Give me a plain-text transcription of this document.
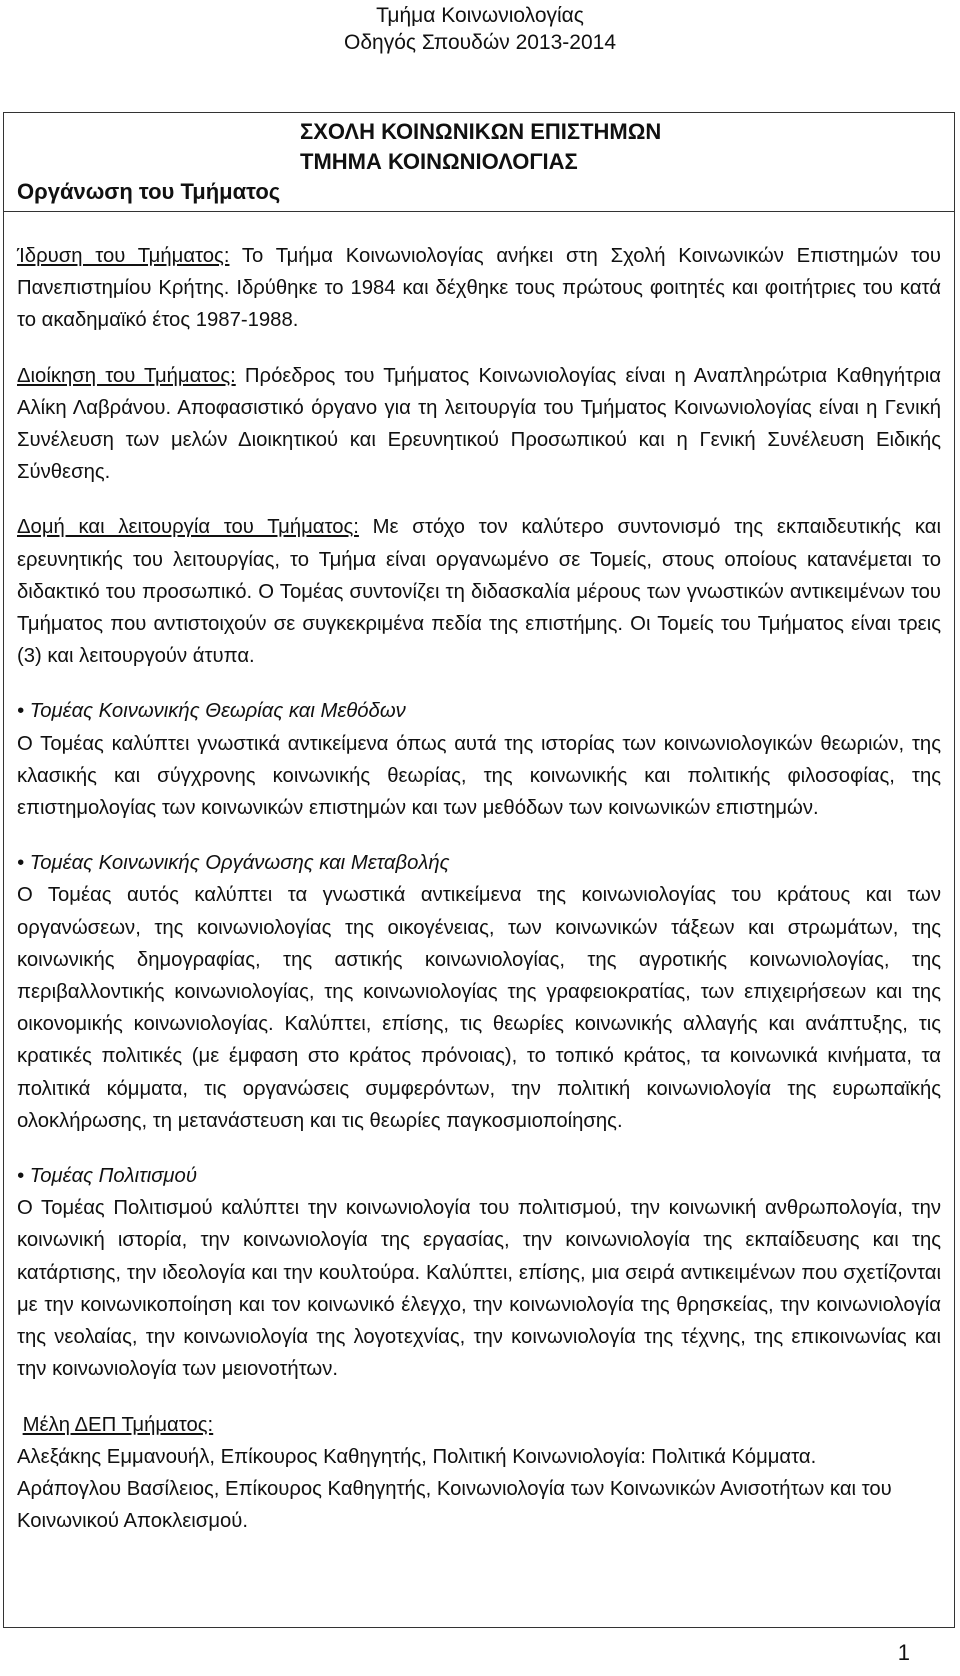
Τμήμα Κοινωνιολογίας
Οδηγός Σπουδών 2013-2014
ΣΧΟΛΗ ΚΟΙΝΩΝΙΚΩΝ ΕΠΙΣΤΗΜΩΝ
ΤΜΗΜΑ ΚΟΙΝΩΝΙΟΛΟΓΙΑΣ
Οργάνωση του Τμήματος

Ίδρυση του Τμήματος: Το Τμήμα Κοινωνιολογίας ανήκει στη Σχολή Κοινωνικών Επιστημών του Πανεπιστημίου Κρήτης. Ιδρύθηκε το 1984 και δέχθηκε τους πρώτους φοιτητές και φοιτήτριες του κατά το ακαδημαϊκό έτος 1987-1988.

Διοίκηση του Τμήματος: Πρόεδρος του Τμήματος Κοινωνιολογίας είναι η Αναπληρώτρια Καθηγήτρια Αλίκη Λαβράνου. Αποφασιστικό όργανο για τη λειτουργία του Τμήματος Κοινωνιολογίας είναι η Γενική Συνέλευση των μελών Διοικητικού και Ερευνητικού Προσωπικού και η Γενική Συνέλευση Ειδικής Σύνθεσης.

Δομή και λειτουργία του Τμήματος: Με στόχο τον καλύτερο συντονισμό της εκπαιδευτικής και ερευνητικής του λειτουργίας, το Τμήμα είναι οργανωμένο σε Τομείς, στους οποίους κατανέμεται το διδακτικό του προσωπικό. Ο Τομέας συντονίζει τη διδασκαλία μέρους των γνωστικών αντικειμένων του Τμήματος που αντιστοιχούν σε συγκεκριμένα πεδία της επιστήμης. Οι Τομείς του Τμήματος είναι τρεις (3) και λειτουργούν άτυπα.

• Τομέας Κοινωνικής Θεωρίας και Μεθόδων

Ο Τομέας καλύπτει γνωστικά αντικείμενα όπως αυτά της ιστορίας των κοινωνιολογικών θεωριών, της κλασικής και σύγχρονης κοινωνικής θεωρίας, της κοινωνικής και πολιτικής φιλοσοφίας, της επιστημολογίας των κοινωνικών επιστημών και των μεθόδων των κοινωνικών επιστημών.

• Τομέας Κοινωνικής Οργάνωσης και Μεταβολής

Ο Τομέας αυτός καλύπτει τα γνωστικά αντικείμενα της κοινωνιολογίας του κράτους και των οργανώσεων, της κοινωνιολογίας της οικογένειας, των κοινωνικών τάξεων και στρωμάτων, της κοινωνικής δημογραφίας, της αστικής κοινωνιολογίας, της αγροτικής κοινωνιολογίας, της περιβαλλοντικής κοινωνιολογίας, της κοινωνιολογίας της γραφειοκρατίας, των επιχειρήσεων και της οικονομικής κοινωνιολογίας. Καλύπτει, επίσης, τις θεωρίες κοινωνικής αλλαγής και ανάπτυξης, τις κρατικές πολιτικές (με έμφαση στο κράτος πρόνοιας), το τοπικό κράτος, τα κοινωνικά κινήματα, τα πολιτικά κόμματα, τις οργανώσεις συμφερόντων, την πολιτική κοινωνιολογία της ευρωπαϊκής ολοκλήρωσης, τη μετανάστευση και τις θεωρίες παγκοσμιοποίησης.

• Τομέας Πολιτισμού

Ο Τομέας Πολιτισμού καλύπτει την κοινωνιολογία του πολιτισμού, την κοινωνική ανθρωπολογία, την κοινωνική ιστορία, την κοινωνιολογία της εργασίας, την κοινωνιολογία της εκπαίδευσης και της κατάρτισης, την ιδεολογία και την κουλτούρα. Καλύπτει, επίσης, μια σειρά αντικειμένων που σχετίζονται με την κοινωνικοποίηση και τον κοινωνικό έλεγχο, την κοινωνιολογία της θρησκείας, την κοινωνιολογία της νεολαίας, την κοινωνιολογία της λογοτεχνίας, την κοινωνιολογία της τέχνης, της επικοινωνίας και την κοινωνιολογία των μειονοτήτων.

Μέλη ΔΕΠ Τμήματος:

Αλεξάκης Εμμανουήλ, Επίκουρος Καθηγητής, Πολιτική Κοινωνιολογία: Πολιτικά Κόμματα.

Αράπογλου Βασίλειος, Επίκουρος Καθηγητής, Κοινωνιολογία των Κοινωνικών Ανισοτήτων και του Κοινωνικού Αποκλεισμού.

1
